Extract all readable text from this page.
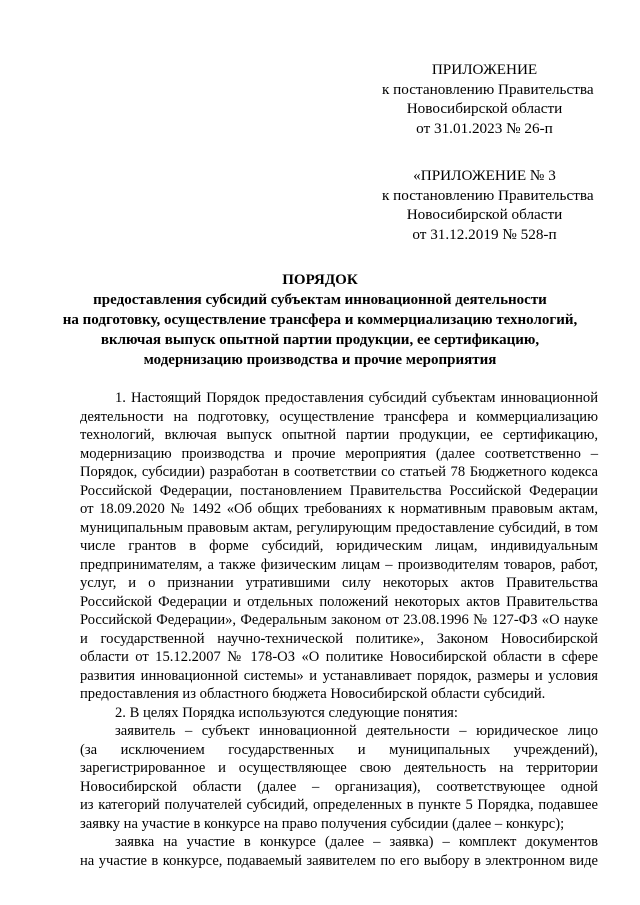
ПРИЛОЖЕНИЕ
к постановлению Правительства
Новосибирской области
от 31.01.2023 № 26-п
«ПРИЛОЖЕНИЕ № 3
к постановлению Правительства
Новосибирской области
от 31.12.2019 № 528-п
ПОРЯДОК
предоставления субсидий субъектам инновационной деятельности
на подготовку, осуществление трансфера и коммерциализацию технологий,
включая выпуск опытной партии продукции, ее сертификацию,
модернизацию производства и прочие мероприятия
1. Настоящий Порядок предоставления субсидий субъектам инновационной
деятельности на подготовку, осуществление трансфера и коммерциализацию
технологий, включая выпуск опытной партии продукции, ее сертификацию,
модернизацию производства и прочие мероприятия (далее соответственно –
Порядок, субсидии) разработан в соответствии со статьей 78 Бюджетного кодекса
Российской Федерации, постановлением Правительства Российской Федерации
от 18.09.2020 № 1492 «Об общих требованиях к нормативным правовым актам,
муниципальным правовым актам, регулирующим предоставление субсидий, в том
числе грантов в форме субсидий, юридическим лицам, индивидуальным
предпринимателям, а также физическим лицам – производителям товаров, работ,
услуг, и о признании утратившими силу некоторых актов Правительства
Российской Федерации и отдельных положений некоторых актов Правительства
Российской Федерации», Федеральным законом от 23.08.1996 № 127-ФЗ «О науке
и государственной научно-технической политике», Законом Новосибирской
области от 15.12.2007 № 178-ОЗ «О политике Новосибирской области в сфере
развития инновационной системы» и устанавливает порядок, размеры и условия
предоставления из областного бюджета Новосибирской области субсидий.
2. В целях Порядка используются следующие понятия:
заявитель – субъект инновационной деятельности – юридическое лицо
(за исключением государственных и муниципальных учреждений),
зарегистрированное и осуществляющее свою деятельность на территории
Новосибирской области (далее – организация), соответствующее одной
из категорий получателей субсидий, определенных в пункте 5 Порядка, подавшее
заявку на участие в конкурсе на право получения субсидии (далее – конкурс);
заявка на участие в конкурсе (далее – заявка) – комплект документов
на участие в конкурсе, подаваемый заявителем по его выбору в электронном виде
